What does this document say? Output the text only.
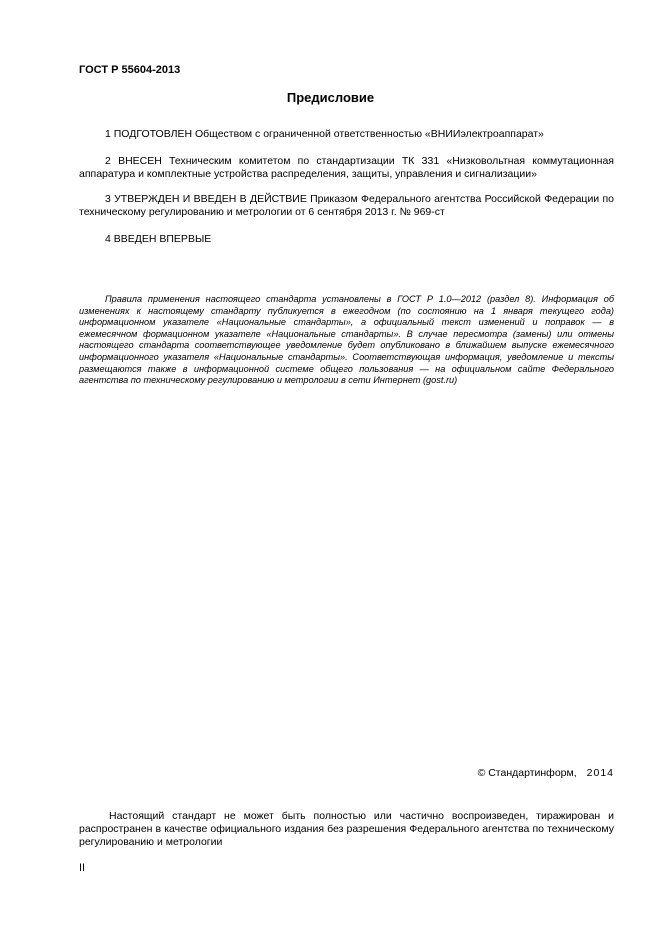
ГОСТ Р 55604-2013
Предисловие
1 ПОДГОТОВЛЕН Обществом с ограниченной ответственностью «ВНИИэлектроаппарат»
2 ВНЕСЕН Техническим комитетом по стандартизации ТК 331 «Низковольтная коммутационная аппаратура и комплектные устройства распределения, защиты, управления и сигнализации»
3 УТВЕРЖДЕН И ВВЕДЕН В ДЕЙСТВИЕ Приказом Федерального агентства Российской Федерации по техническому регулированию и метрологии от 6 сентября 2013 г. № 969-ст
4 ВВЕДЕН ВПЕРВЫЕ
Правила применения настоящего стандарта установлены в ГОСТ Р 1.0—2012 (раздел 8). Информация об изменениях к настоящему стандарту публикуется в ежегодном (по состоянию на 1 января текущего года) информационном указателе «Национальные стандарты», а официальный текст изменений и поправок — в ежемесячном формационном указателе «Национальные стандарты». В случае пересмотра (замены) или отмены настоящего стандарта соответствующее уведомление будет опубликовано в ближайшем выпуске ежемесячного информационного указателя «Национальные стандарты». Соответствующая информация, уведомление и тексты размещаются также в информационной системе общего пользования — на официальном сайте Федерального агентства по техническому регулированию и метрологии в сети Интернет (gost.ru)
© Стандартинформ, 2014
Настоящий стандарт не может быть полностью или частично воспроизведен, тиражирован и распространен в качестве официального издания без разрешения Федерального агентства по техническому регулированию и метрологии
II
